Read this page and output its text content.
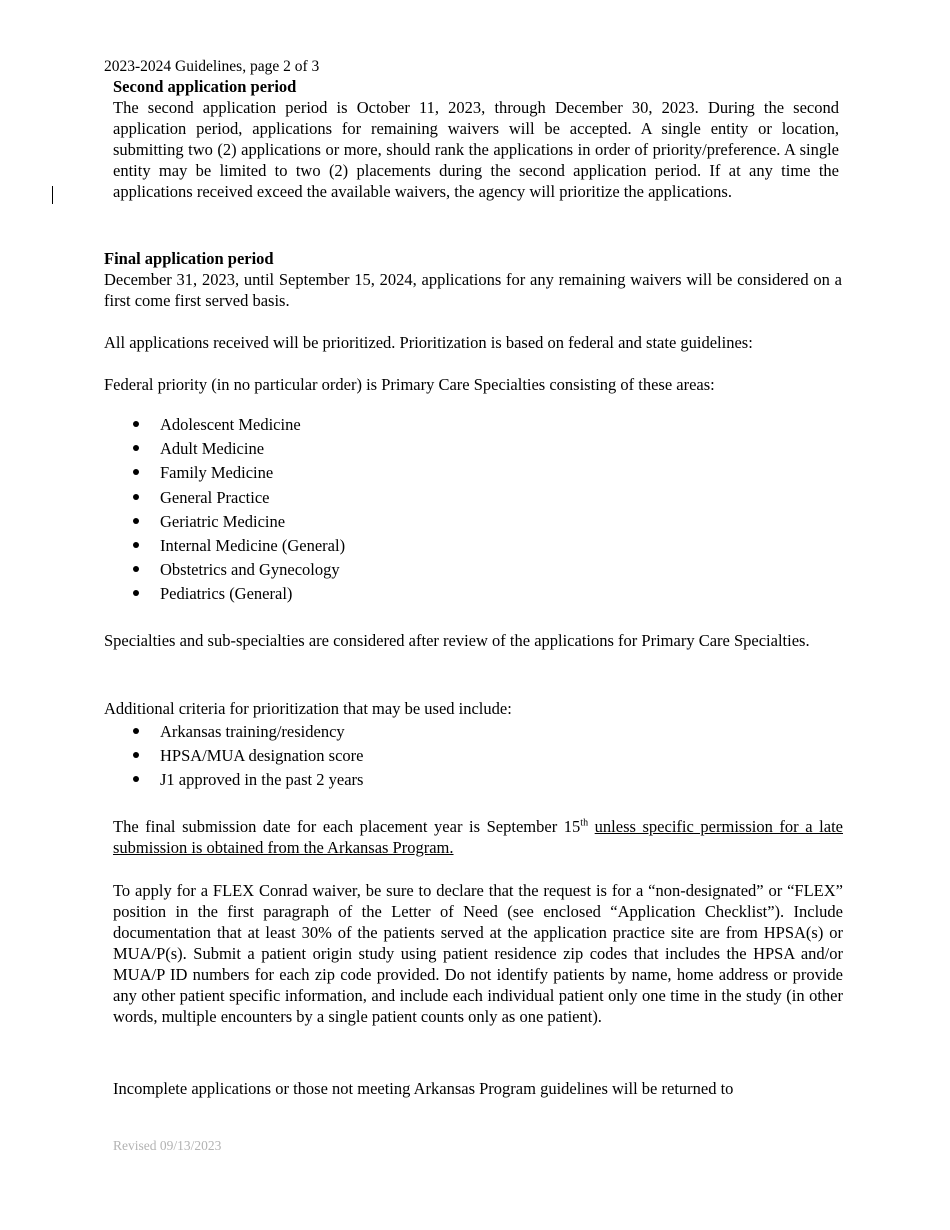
2023-2024 Guidelines, page 2 of 3
Second application period
The second application period is October 11, 2023, through December 30, 2023. During the second application period, applications for remaining waivers will be accepted. A single entity or location, submitting two (2) applications or more, should rank the applications in order of priority/preference. A single entity may be limited to two (2) placements during the second application period. If at any time the applications received exceed the available waivers, the agency will prioritize the applications.
Final application period
December 31, 2023, until September 15, 2024, applications for any remaining waivers will be considered on a first come first served basis.
All applications received will be prioritized. Prioritization is based on federal and state guidelines:
Federal priority (in no particular order) is Primary Care Specialties consisting of these areas:
Adolescent Medicine
Adult Medicine
Family Medicine
General Practice
Geriatric Medicine
Internal Medicine (General)
Obstetrics and Gynecology
Pediatrics (General)
Specialties and sub-specialties are considered after review of the applications for Primary Care Specialties.
Additional criteria for prioritization that may be used include:
Arkansas training/residency
HPSA/MUA designation score
J1 approved in the past 2 years
The final submission date for each placement year is September 15th unless specific permission for a late submission is obtained from the Arkansas Program.
To apply for a FLEX Conrad waiver, be sure to declare that the request is for a “non-designated” or “FLEX” position in the first paragraph of the Letter of Need (see enclosed “Application Checklist”). Include documentation that at least 30% of the patients served at the application practice site are from HPSA(s) or MUA/P(s). Submit a patient origin study using patient residence zip codes that includes the HPSA and/or MUA/P ID numbers for each zip code provided. Do not identify patients by name, home address or provide any other patient specific information, and include each individual patient only one time in the study (in other words, multiple encounters by a single patient counts only as one patient).
Incomplete applications or those not meeting Arkansas Program guidelines will be returned to
Revised 09/13/2023
